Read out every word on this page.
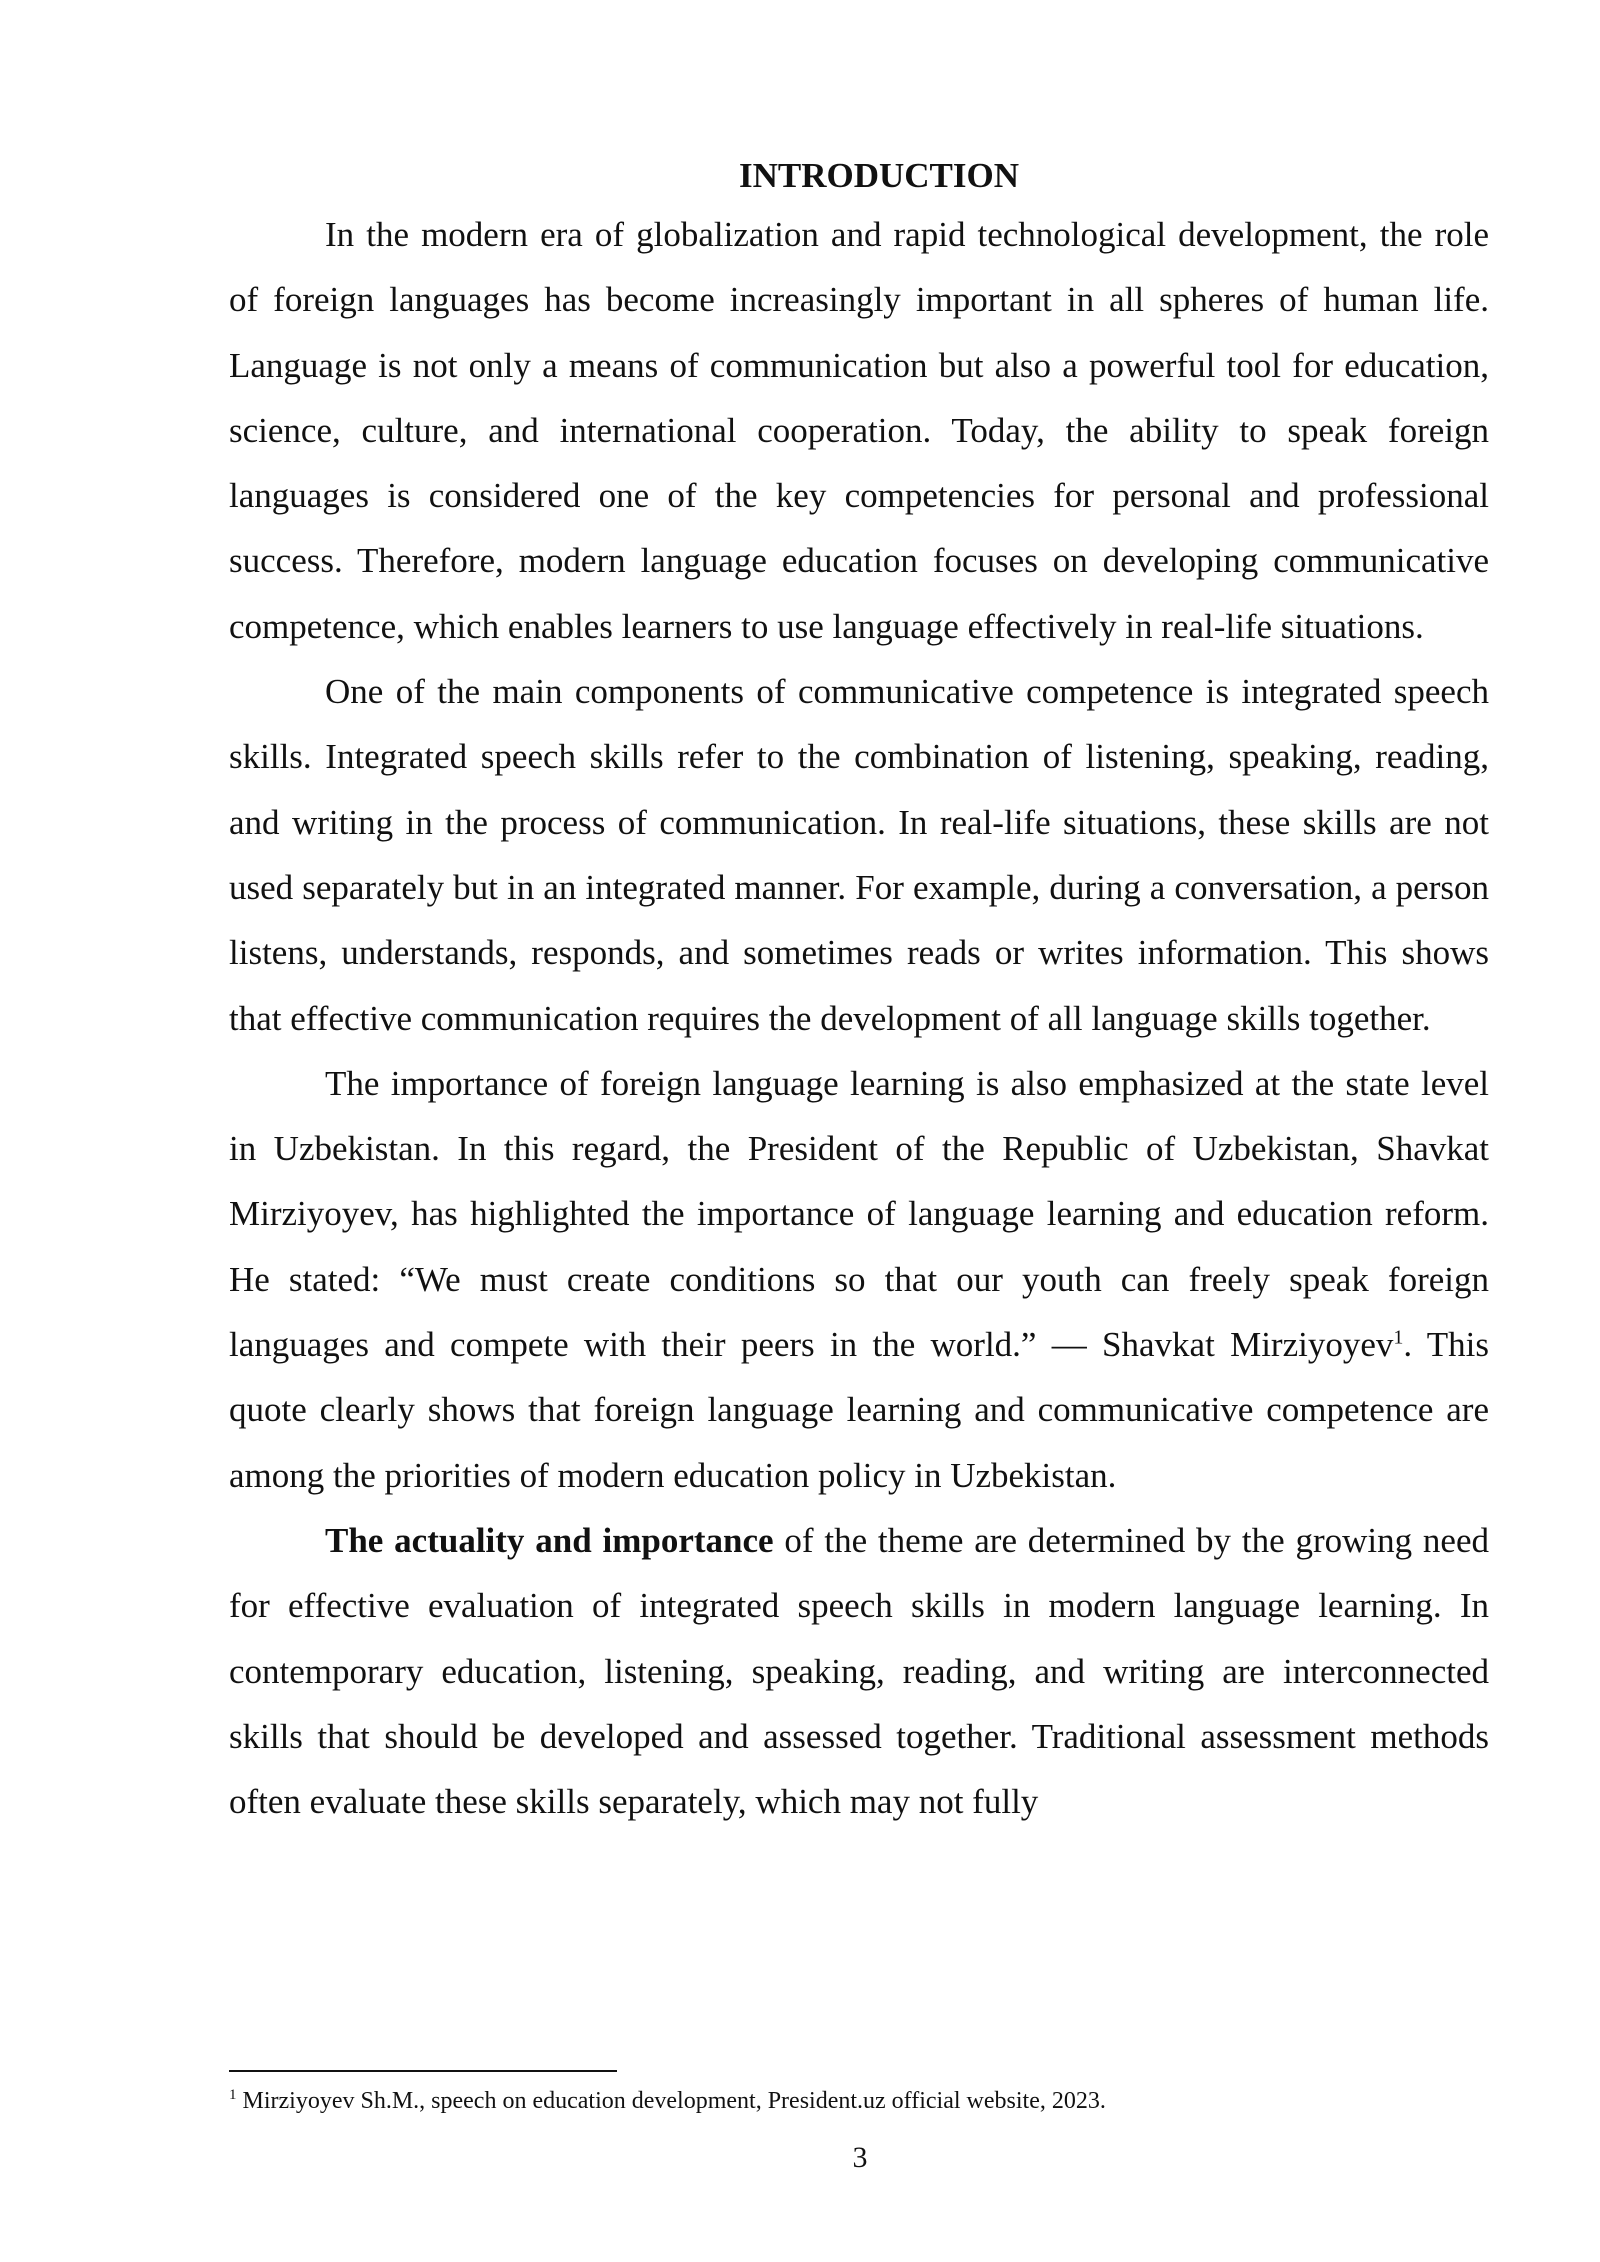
INTRODUCTION

In the modern era of globalization and rapid technological development, the role of foreign languages has become increasingly important in all spheres of human life. Language is not only a means of communication but also a powerful tool for education, science, culture, and international cooperation. Today, the ability to speak foreign languages is considered one of the key competencies for personal and professional success. Therefore, modern language education focuses on developing communicative competence, which enables learners to use language effectively in real-life situations.

One of the main components of communicative competence is integrated speech skills. Integrated speech skills refer to the combination of listening, speaking, reading, and writing in the process of communication. In real-life situations, these skills are not used separately but in an integrated manner. For example, during a conversation, a person listens, understands, responds, and sometimes reads or writes information. This shows that effective communication requires the development of all language skills together.

The importance of foreign language learning is also emphasized at the state level in Uzbekistan. In this regard, the President of the Republic of Uzbekistan, Shavkat Mirziyoyev, has highlighted the importance of language learning and education reform. He stated: “We must create conditions so that our youth can freely speak foreign languages and compete with their peers in the world.” — Shavkat Mirziyoyev$^1$. This quote clearly shows that foreign language learning and communicative competence are among the priorities of modern education policy in Uzbekistan.

The actuality and importance of the theme are determined by the growing need for effective evaluation of integrated speech skills in modern language learning. In contemporary education, listening, speaking, reading, and writing are interconnected skills that should be developed and assessed together. Traditional assessment methods often evaluate these skills separately, which may not fully

$^1$ Mirziyoyev Sh.M., speech on education development, President.uz official website, 2023.
3
